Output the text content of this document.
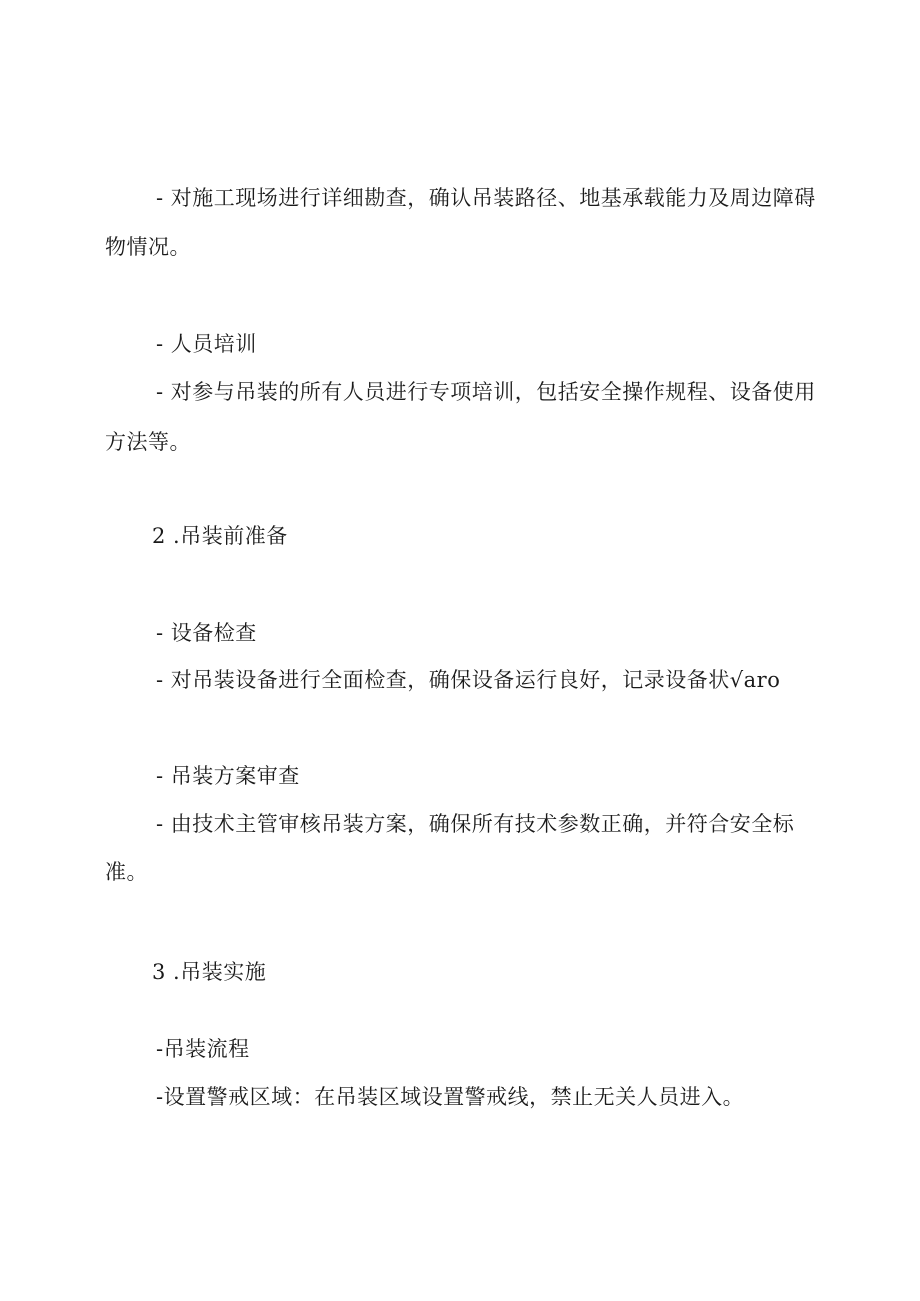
- 对施工现场进行详细勘查，确认吊装路径、地基承载能力及周边障碍
物情况。
- 人员培训
- 对参与吊装的所有人员进行专项培训，包括安全操作规程、设备使用
方法等。
2 .吊装前准备
- 设备检查
- 对吊装设备进行全面检查，确保设备运行良好，记录设备状√aro
- 吊装方案审查
- 由技术主管审核吊装方案，确保所有技术参数正确，并符合安全标
准。
3 .吊装实施
-吊装流程
-设置警戒区域：在吊装区域设置警戒线，禁止无关人员进入。
